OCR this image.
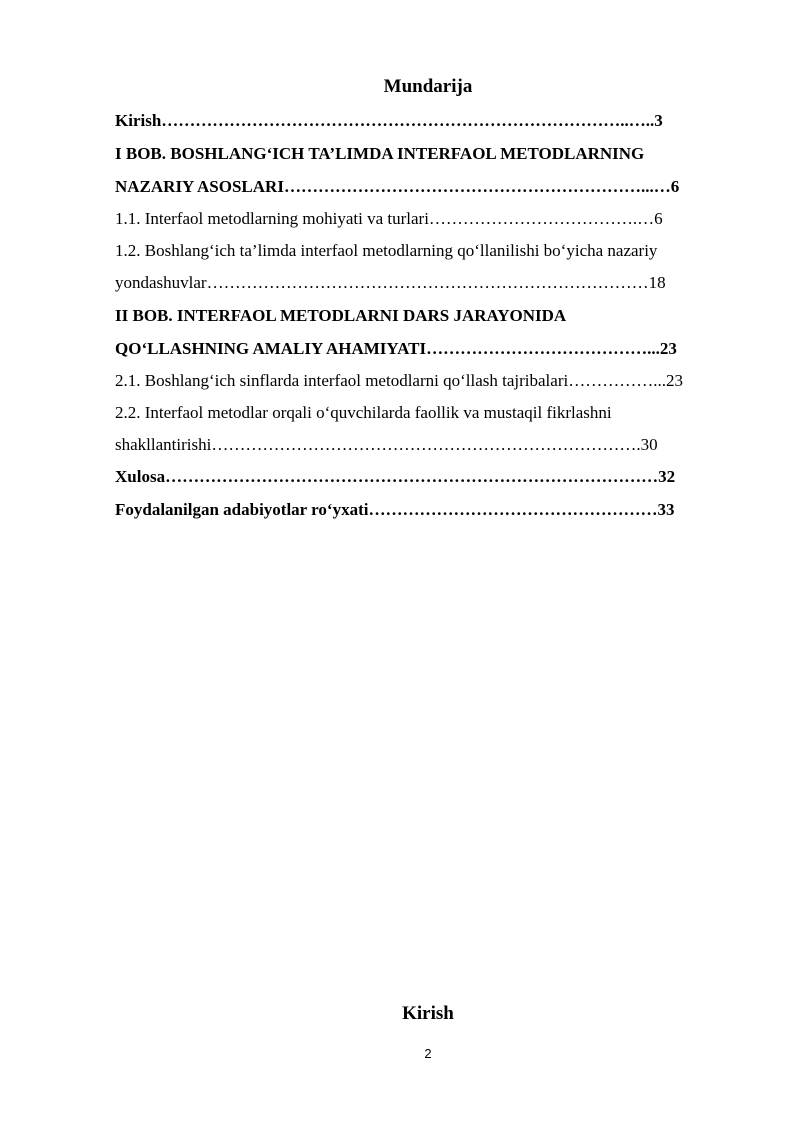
Mundarija
Kirish………………………………………………………………………..…..3
I BOB. BOSHLANG‘ICH TA’LIMDA INTERFAOL METODLARNING
NAZARIY ASOSLARI………………………………………………………...…6
1.1. Interfaol metodlarning mohiyati va turlari……………………………….…6
1.2. Boshlang‘ich ta’limda interfaol metodlarning qo‘llanilishi bo‘yicha nazariy
yondashuvlar……………………………………………………………………18
II BOB. INTERFAOL METODLARNI DARS JARAYONIDA
QO‘LLASHNING AMALIY AHAMIYATI…………………………………...23
2.1. Boshlang‘ich sinflarda interfaol metodlarni qo‘llash tajribalari……………...23
2.2. Interfaol metodlar orqali o‘quvchilarda faollik va mustaqil fikrlashni
shakllantirishi………………………………………………………………….30
Xulosa……………………………………………………………………………32
Foydalanilgan adabiyotlar ro‘yxati……………………………………………33
Kirish
2
